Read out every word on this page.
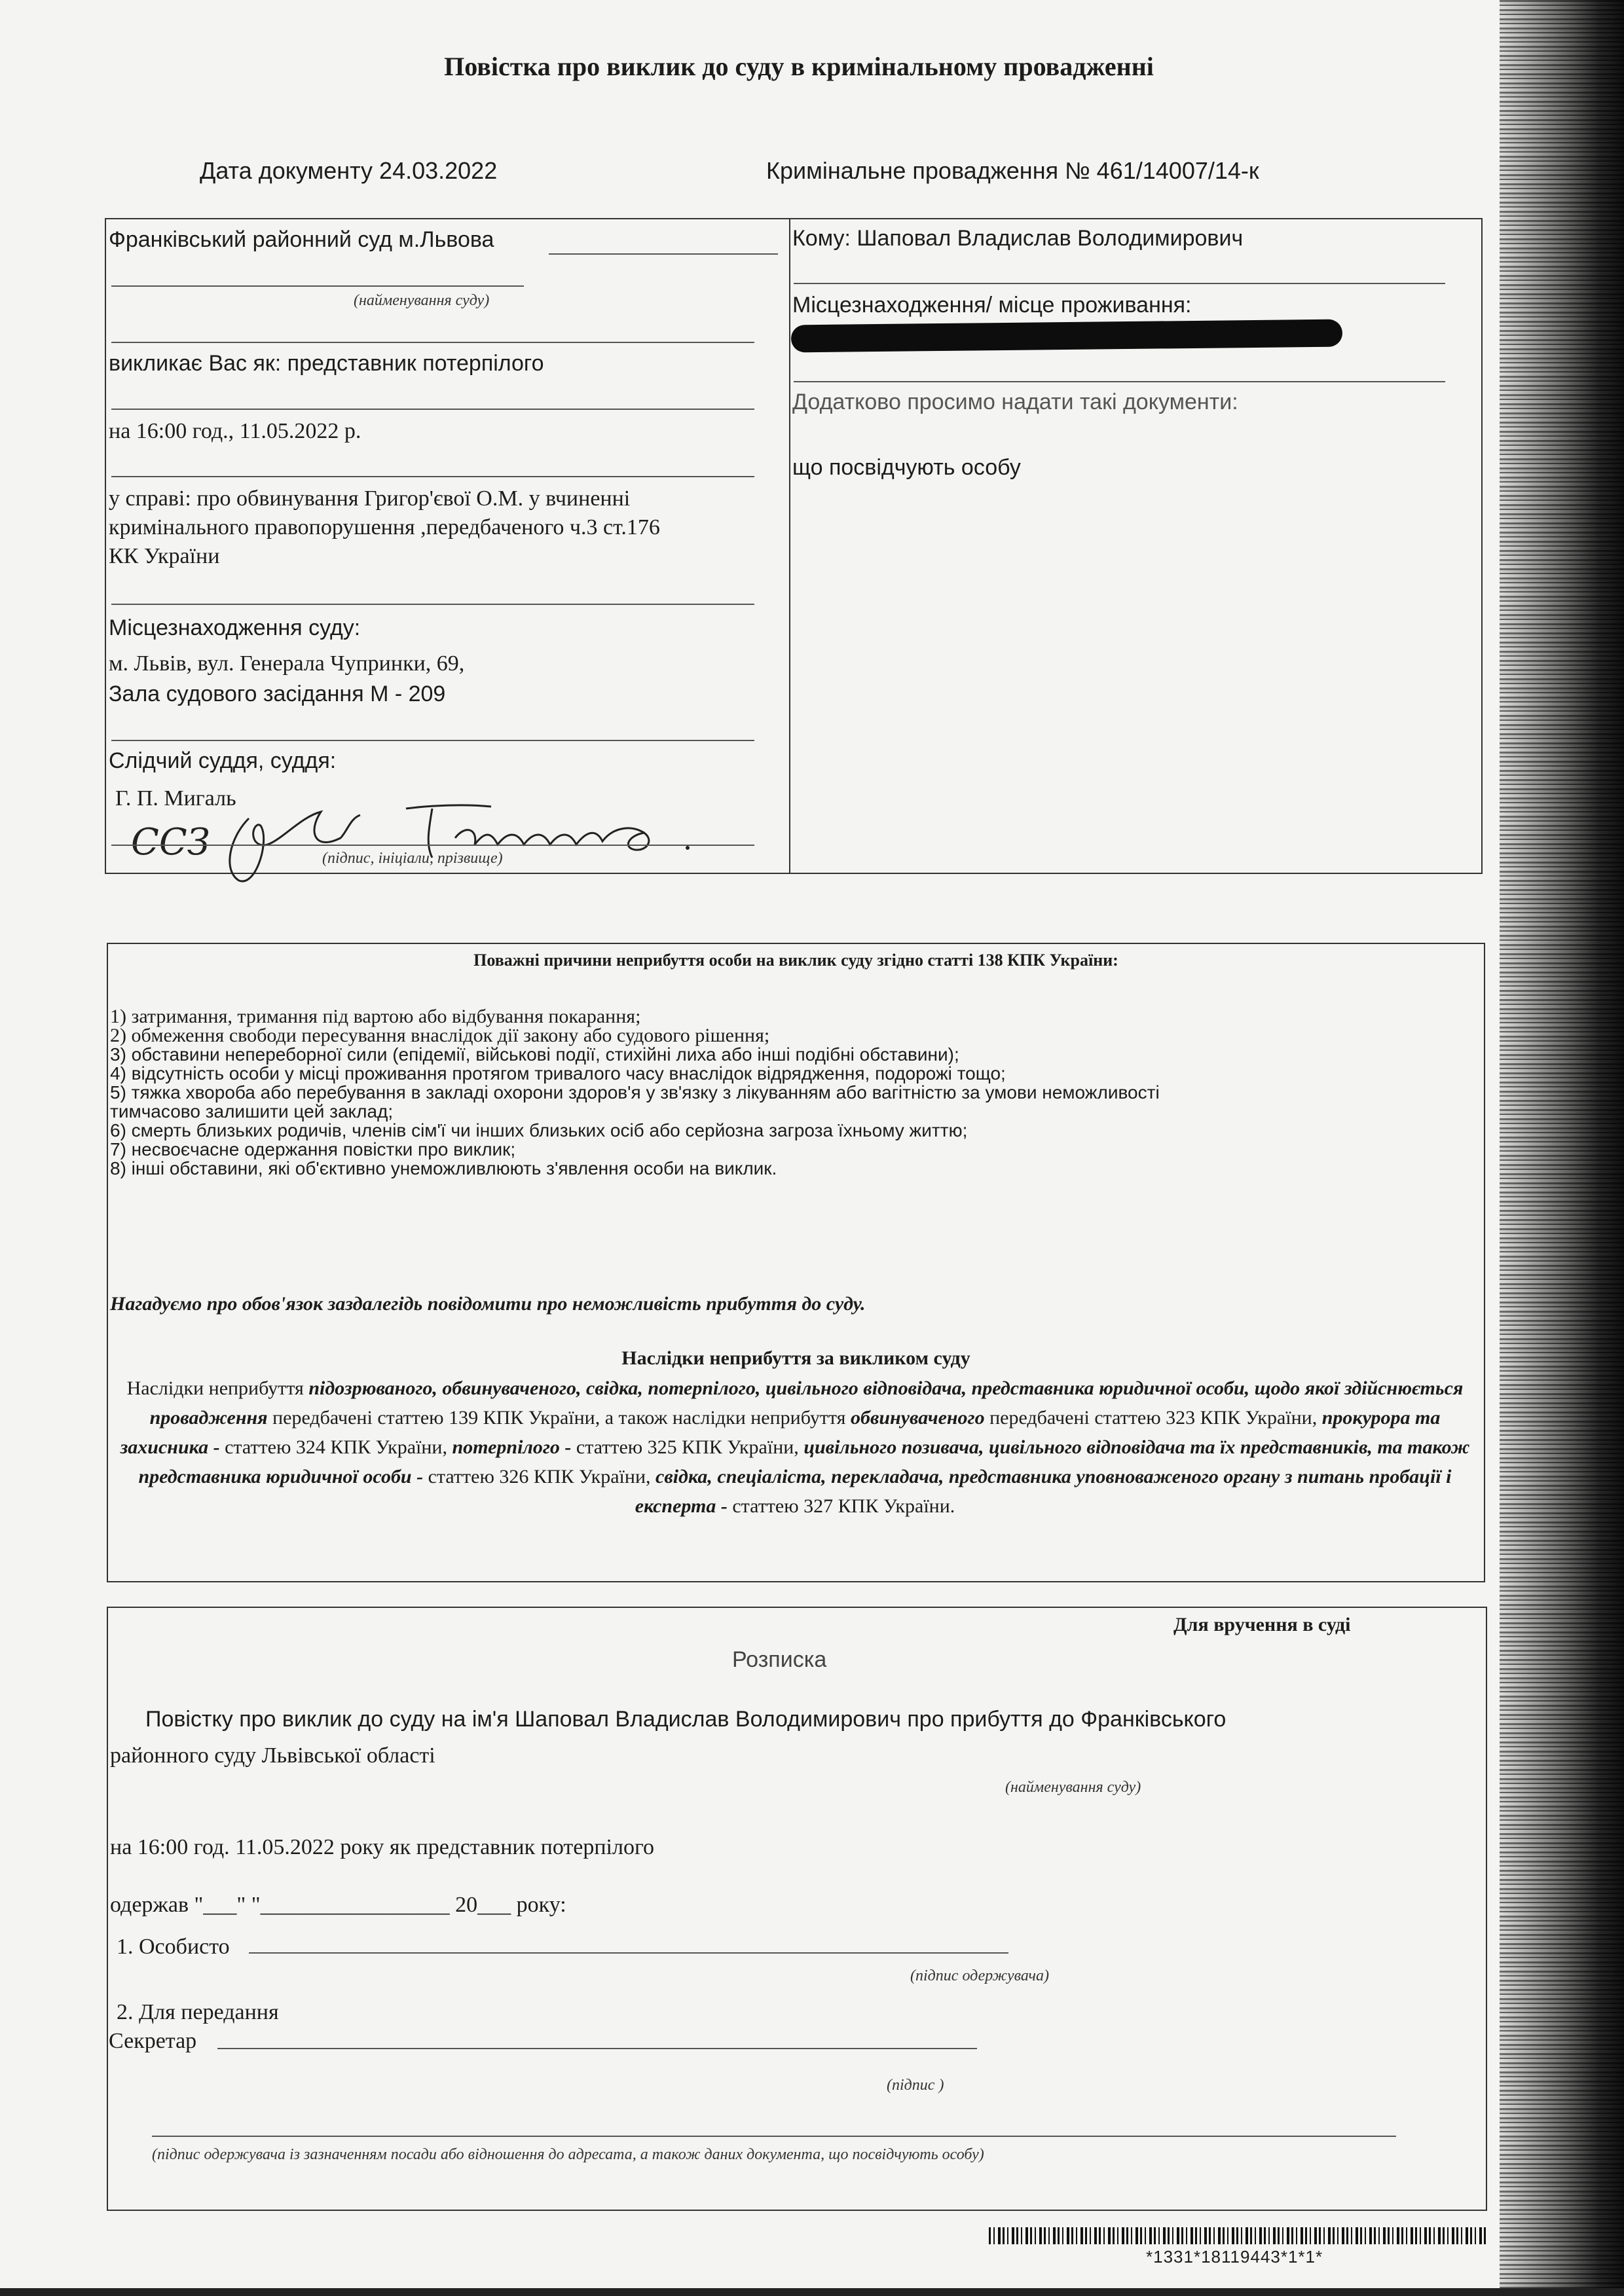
Повістка про виклик до суду в кримінальному провадженні
Дата документу 24.03.2022	Кримінальне провадження № 461/14007/14-к
Франківський районний суд м.Львова
(найменування суду)
викликає Вас як: представник потерпілого
на 16:00 год., 11.05.2022 р.
у справі: про обвинування Григор'євої О.М. у вчиненні
кримінального правопорушення ,передбаченого ч.3 ст.176
КК України
Місцезнаходження суду:
м. Львів, вул. Генерала Чупринки, 69,
Зала судового засідання М - 209
Слідчий суддя, суддя:
Г. П. Мигаль
ССЗ	(підпис, ініціали, прізвище)
Кому: Шаповал Владислав Володимирович
Місцезнаходження/ місце проживання:
Додатково просимо надати такі документи:
що посвідчують особу
Поважні причини неприбуття особи на виклик суду згідно статті 138 КПК України:
1) затримання, тримання під вартою або відбування покарання;
2) обмеження свободи пересування внаслідок дії закону або судового рішення;
3) обставини непереборної сили (епідемії, військові події, стихійні лиха або інші подібні обставини);
4) відсутність особи у місці проживання протягом тривалого часу внаслідок відрядження, подорожі тощо;
5) тяжка хвороба або перебування в закладі охорони здоров'я у зв'язку з лікуванням або вагітністю за умови неможливості
тимчасово залишити цей заклад;
6) смерть близьких родичів, членів сім'ї чи інших близьких осіб або серйозна загроза їхньому життю;
7) несвоєчасне одержання повістки про виклик;
8) інші обставини, які об'єктивно унеможливлюють з'явлення особи на виклик.
Нагадуємо про обов'язок заздалегідь повідомити про неможливість прибуття до суду.
Наслідки неприбуття за викликом суду
Наслідки неприбуття підозрюваного, обвинуваченого, свідка, потерпілого, цивільного відповідача, представника юридичної особи, щодо якої здійснюється провадження передбачені статтею 139 КПК України, а також наслідки неприбуття обвинуваченого передбачені статтею 323 КПК України, прокурора та захисника - статтею 324 КПК України, потерпілого - статтею 325 КПК України, цивільного позивача, цивільного відповідача та їх представників, та також представника юридичної особи - статтею 326 КПК України, свідка, спеціаліста, перекладача, представника уповноваженого органу з питань пробації і експерта - статтею 327 КПК України.
Для вручення в суді
Розписка
Повістку про виклик до суду на ім'я Шаповал Владислав Володимирович про прибуття до Франківського
районного суду Львівської області
(найменування суду)
на 16:00 год. 11.05.2022 року як представник потерпілого
одержав "___" "_________________ 20___ року:
1. Особисто
(підпис одержувача)
2. Для передання
Секретар
(підпис )
(підпис одержувача із зазначенням посади або відношення до адресата, а також даних документа, що посвідчують особу)
*1331*18119443*1*1*
